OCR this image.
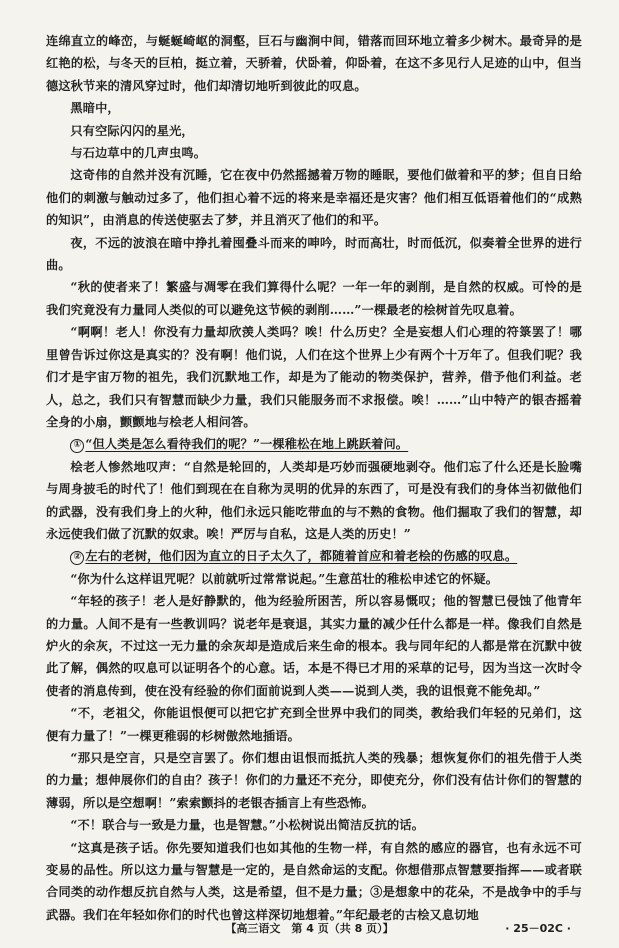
连绵直立的峰峦，与蜒蜒崎岖的洞壑，巨石与幽涧中间，错落而回环地立着多少树木。最奇异的是红艳的松，与冬天的巨柏，挺立着，天骄着，伏卧着，仰卧着，在这不多见行人足迹的山中，但当德这秋节来的清风穿过时，他们却清切地听到彼此的叹息。

黑暗中，

只有空际闪闪的星光，

与石边草中的几声虫鸣。

这奇伟的自然并没有沉睡，它在夜中仍然摇撼着万物的睡眠，要他们做着和平的梦；但自日给他们的刺激与触动过多了，他们担心着不远的将来是幸福还是灾害？他们相互低语着他们的“成熟的知识”，由消息的传送使驱去了梦，并且消灭了他们的和平。

夜，不远的波浪在暗中挣扎着囤叠斗而来的呻吟，时而高壮，时而低沉，似奏着全世界的进行曲。

“秋的使者来了！繁盛与凋零在我们算得什么呢？一年一年的剥削，是自然的权威。可怜的是我们究竟没有力量同人类似的可以避免这节候的剥削……”一棵最老的桧树首先叹息着。

“啊啊！老人！你没有力量却欣羡人类吗？唉！什么历史？全是妄想人们心理的符箓罢了！哪里曾告诉过你这是真实的？没有啊！他们说，人们在这个世界上少有两个十万年了。但我们呢？我们才是宇宙万物的祖先，我们沉默地工作，却是为了能动的物类保护，营养，借予他们利益。老人，总之，我们只有智慧而缺少力量，我们只能服务而不求报偿。唉！……”山中特产的银杏摇着全身的小扇，颤颤地与桧老人相问答。

① “但人类是怎么看待我们的呢？”一棵稚松在地上跳跃着问。

桧老人惨然地叹声：“自然是轮回的，人类却是巧妙而强硬地剥夺。他们忘了什么还是长脸嘴与周身披毛的时代了！他们到现在在自称为灵明的优异的东西了，可是没有我们的身体当初做他们的武器，没有我们身上的火种，他们永远只能吃带血的与不熟的食物。他们掘取了我们的智慧，却永远使我们做了沉默的奴隶。唉！严厉与自私，这是人类的历史！”

② 左右的老树，他们因为直立的日子太久了，都随着首应和着老桧的伤感的叹息。

“你为什么这样诅咒呢？以前就听过常常说起。”生意茁壮的稚松申述它的怀疑。

“年轻的孩子！老人是好静默的，他为经验所困苦，所以容易慨叹；他的智慧已侵蚀了他青年的力量。人间不是有一些教训吗？说老年是衰退，其实力量的减少任什么都是一样。像我们自然是炉火的余灰，不过这一无力量的余灰却是造成后来生命的根本。我与同年纪的人都是常在沉默中彼此了解，偶然的叹息可以证明各个的心意。话，本是不得已才用的采草的记号，因为当这一次时令使者的消息传到，使在没有经验的你们面前说到人类——说到人类，我的诅恨竟不能免却。”

“不，老祖父，你能诅恨便可以把它扩充到全世界中我们的同类，教给我们年轻的兄弟们，这便有力量了！”一棵更稚弱的杉树傲然地插语。

“那只是空言，只是空言罢了。你们想由诅恨而抵抗人类的残暴；想恢复你们的祖先借于人类的力量；想伸展你们的自由？孩子！你们的力量还不充分，即使充分，你们没有估计你们的智慧的薄弱，所以是空想啊！”索索颤抖的老银杏插言上有些恐怖。

“不！联合与一致是力量，也是智慧。”小松树说出简洁反抗的话。

“这真是孩子话。你先要知道我们也如其他的生物一样，有自然的感应的器官，也有永远不可变易的品性。所以这力量与智慧是一定的，是自然命运的支配。你想借那点智慧要指挥——或者联合同类的动作想反抗自然与人类，这是希望，但不是力量；③是想象中的花朵，不是战争中的手与武器。我们在年轻如你们的时代也曾这样深切地想着。”年纪最老的古桧又息切地

【高三语文　第 4 页（共 8 页）】	· 25－02C ·
